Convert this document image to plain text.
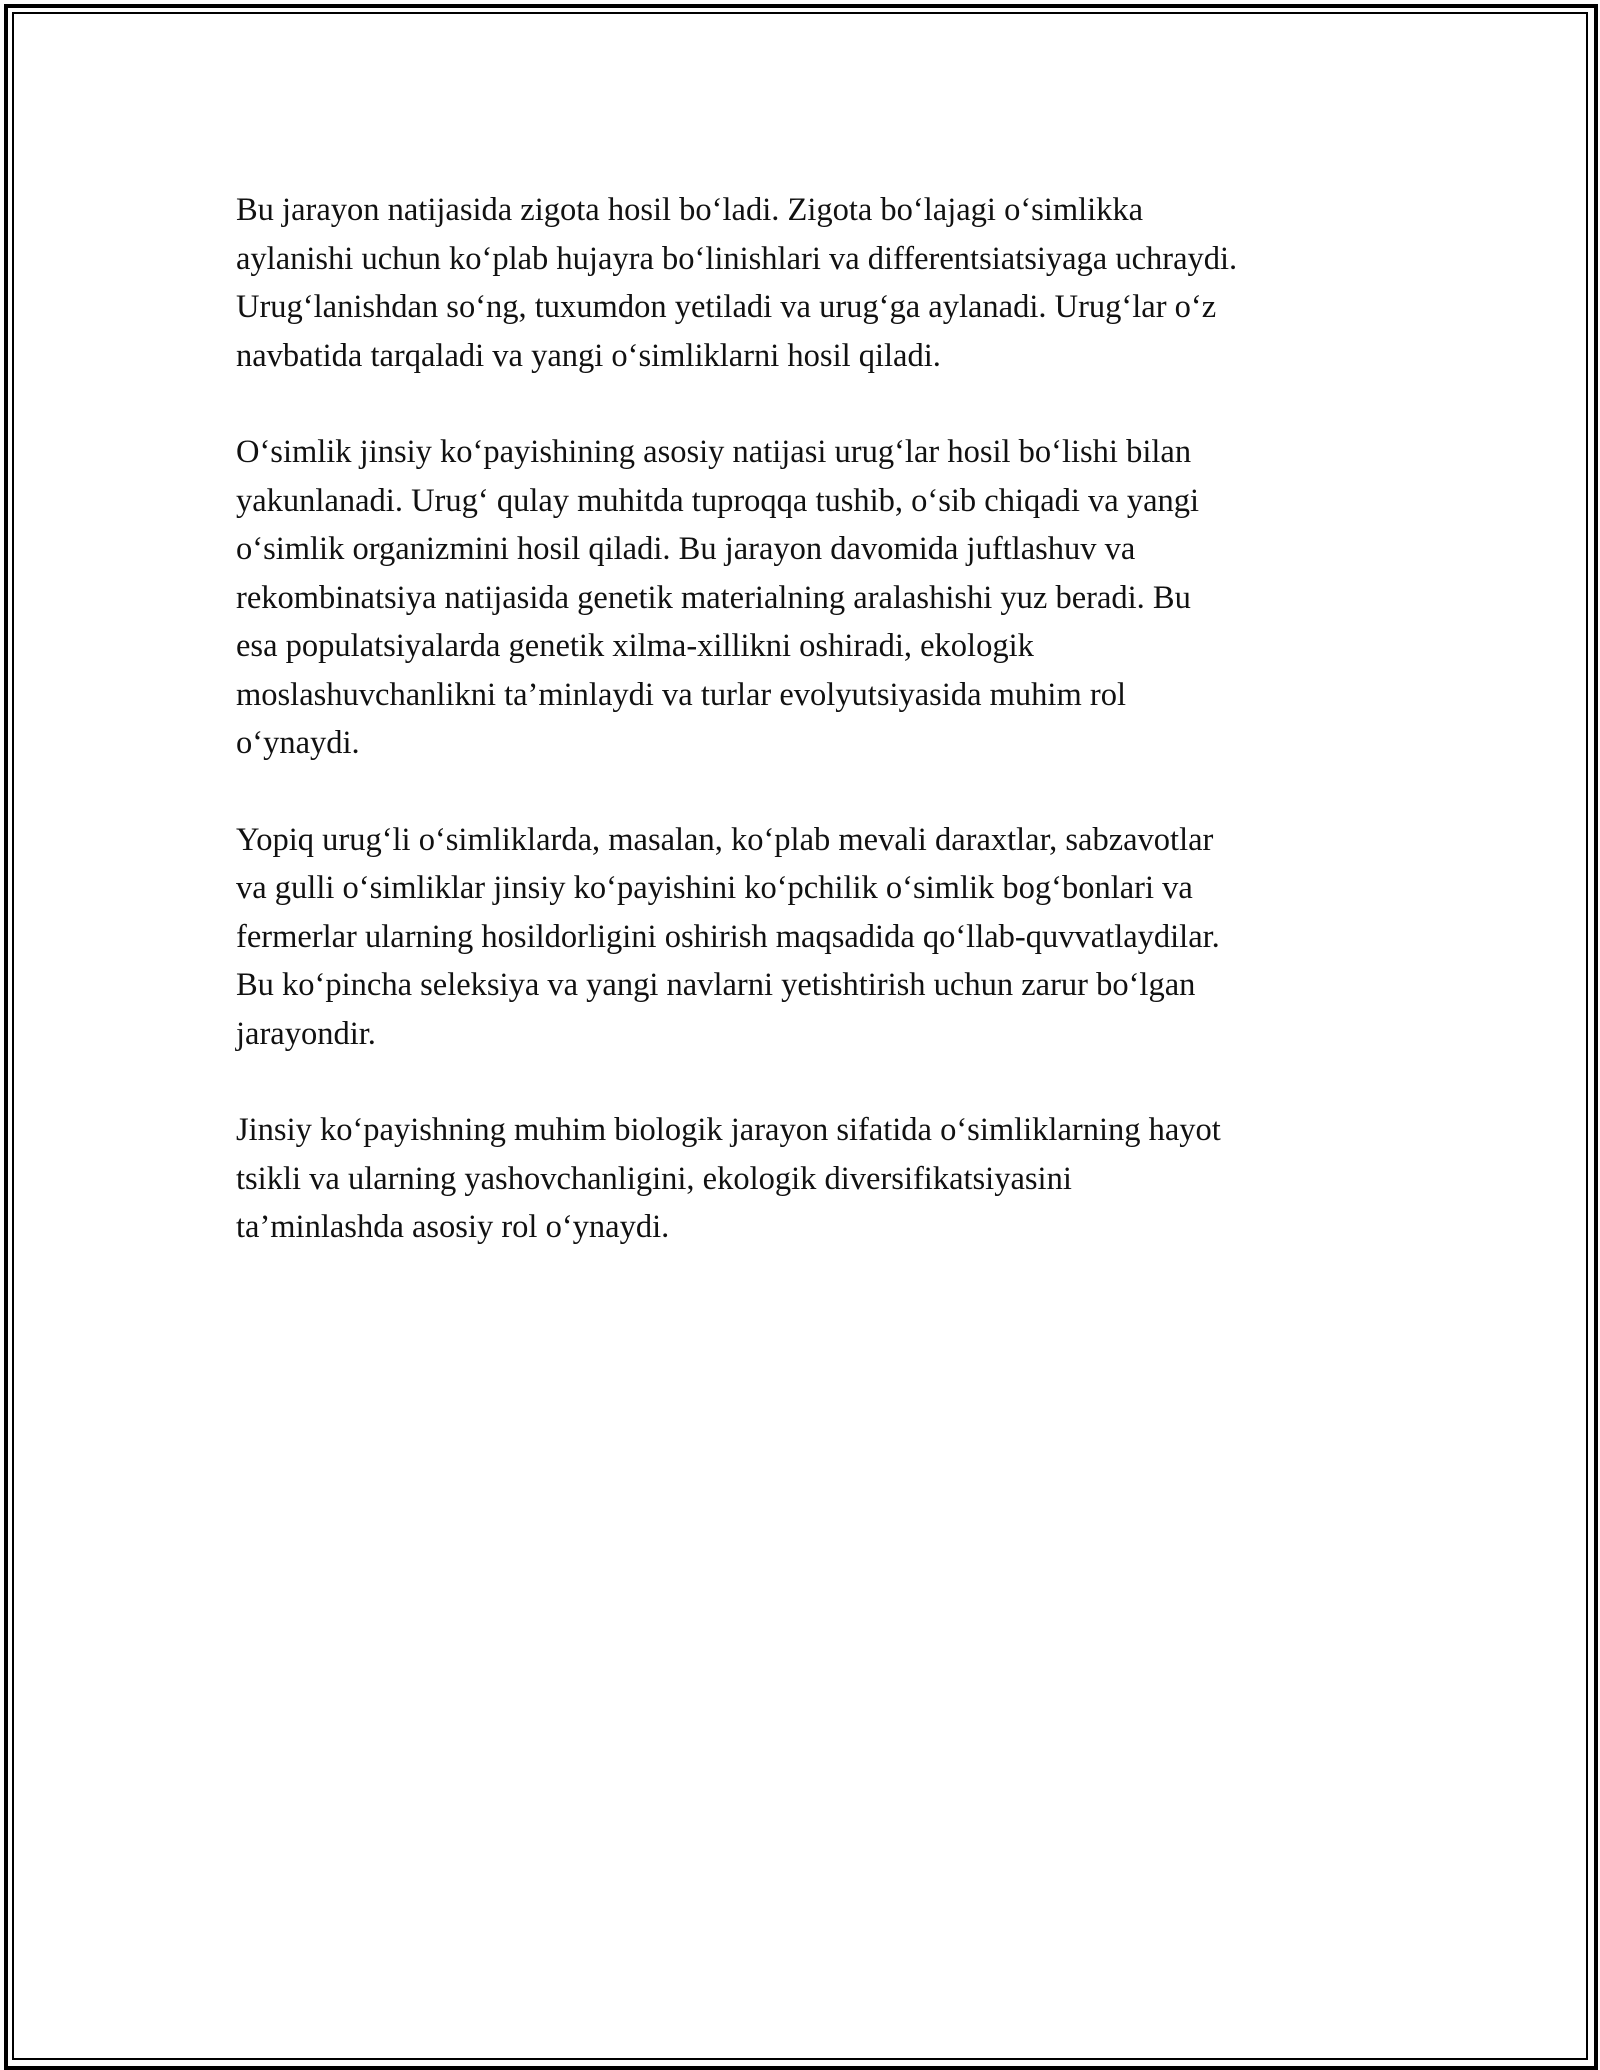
Bu jarayon natijasida zigota hosil bo‘ladi. Zigota bo‘lajagi o‘simlikka
aylanishi uchun ko‘plab hujayra bo‘linishlari va differentsiatsiyaga uchraydi.
Urug‘lanishdan so‘ng, tuxumdon yetiladi va urug‘ga aylanadi. Urug‘lar o‘z
navbatida tarqaladi va yangi o‘simliklarni hosil qiladi.

O‘simlik jinsiy ko‘payishining asosiy natijasi urug‘lar hosil bo‘lishi bilan
yakunlanadi. Urug‘ qulay muhitda tuproqqa tushib, o‘sib chiqadi va yangi
o‘simlik organizmini hosil qiladi. Bu jarayon davomida juftlashuv va
rekombinatsiya natijasida genetik materialning aralashishi yuz beradi. Bu
esa populatsiyalarda genetik xilma-xillikni oshiradi, ekologik
moslashuvchanlikni ta’minlaydi va turlar evolyutsiyasida muhim rol
o‘ynaydi.

Yopiq urug‘li o‘simliklarda, masalan, ko‘plab mevali daraxtlar, sabzavotlar
va gulli o‘simliklar jinsiy ko‘payishini ko‘pchilik o‘simlik bog‘bonlari va
fermerlar ularning hosildorligini oshirish maqsadida qo‘llab-quvvatlaydilar.
Bu ko‘pincha seleksiya va yangi navlarni yetishtirish uchun zarur bo‘lgan
jarayondir.

Jinsiy ko‘payishning muhim biologik jarayon sifatida o‘simliklarning hayot
tsikli va ularning yashovchanligini, ekologik diversifikatsiyasini
ta’minlashda asosiy rol o‘ynaydi.
